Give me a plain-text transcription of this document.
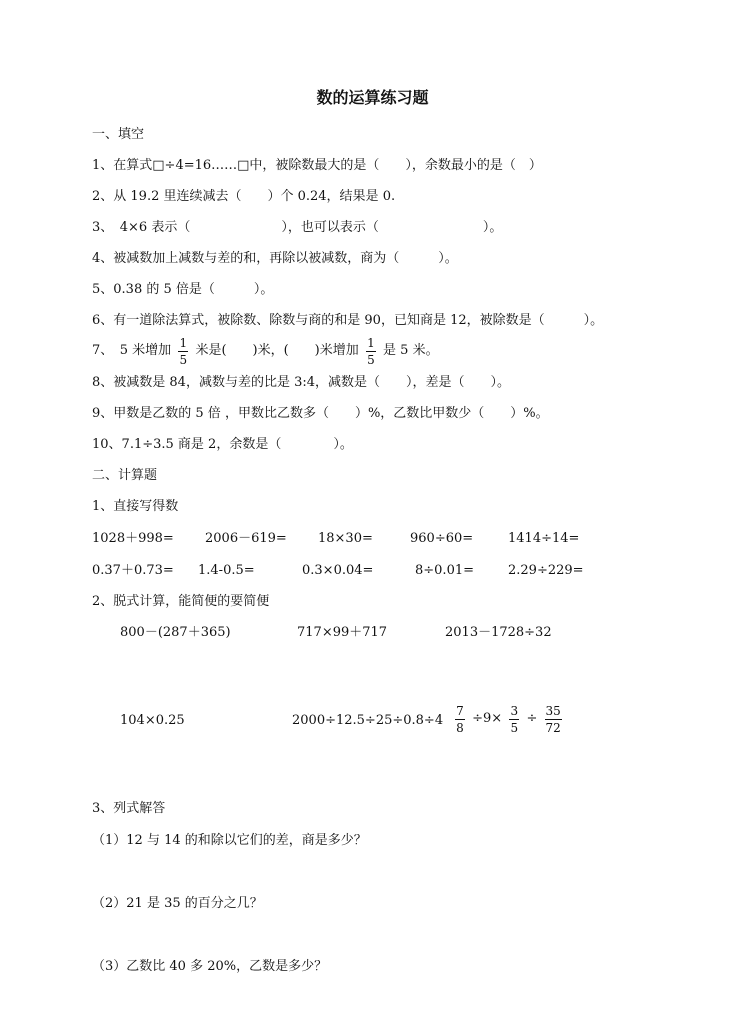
数的运算练习题
一、填空
1、在算式□÷4=16……□中，被除数最大的是（　　），余数最小的是（　）
2、从 19.2 里连续减去（　　）个 0.24，结果是 0.
3、　4×6 表示（　　　　　　　），也可以表示（　　　　　　　　）。
4、被减数加上减数与差的和，再除以被减数，商为（　　　）。
5、0.38 的 5 倍是（　　　）。
6、有一道除法算式，被除数、除数与商的和是 90，已知商是 12，被除数是（　　　）。
7、　5 米增加 $\frac{1}{5}$ 米是(　　)米，(　　)米增加 $\frac{1}{5}$ 是 5 米。
8、被减数是 84，减数与差的比是 3:4，减数是（　　），差是（　　）。
9、甲数是乙数的 5 倍 ，甲数比乙数多（　　）%，乙数比甲数少（　　）%。
10、7.1÷3.5 商是 2，余数是（　　　　）。
二、计算题
1、直接写得数
1028＋998= 2006－619= 18×30=	960÷60=	1414÷14=
0.37＋0.73= 1.4-0.5=	0.3×0.04=	8÷0.01=	2.29÷229=
2、脱式计算，能简便的要简便
800－(287＋365)	717×99＋717	2013－1728÷32
104×0.25	$2000\div 12.5\div 25\div 0.8\div 4 \frac{7}{8} \div 9\times \frac{3}{5} \div \frac{35}{72}$
3、列式解答
（1）12 与 14 的和除以它们的差，商是多少？
（2）21 是 35 的百分之几？
（3）乙数比 40 多 20%，乙数是多少？
